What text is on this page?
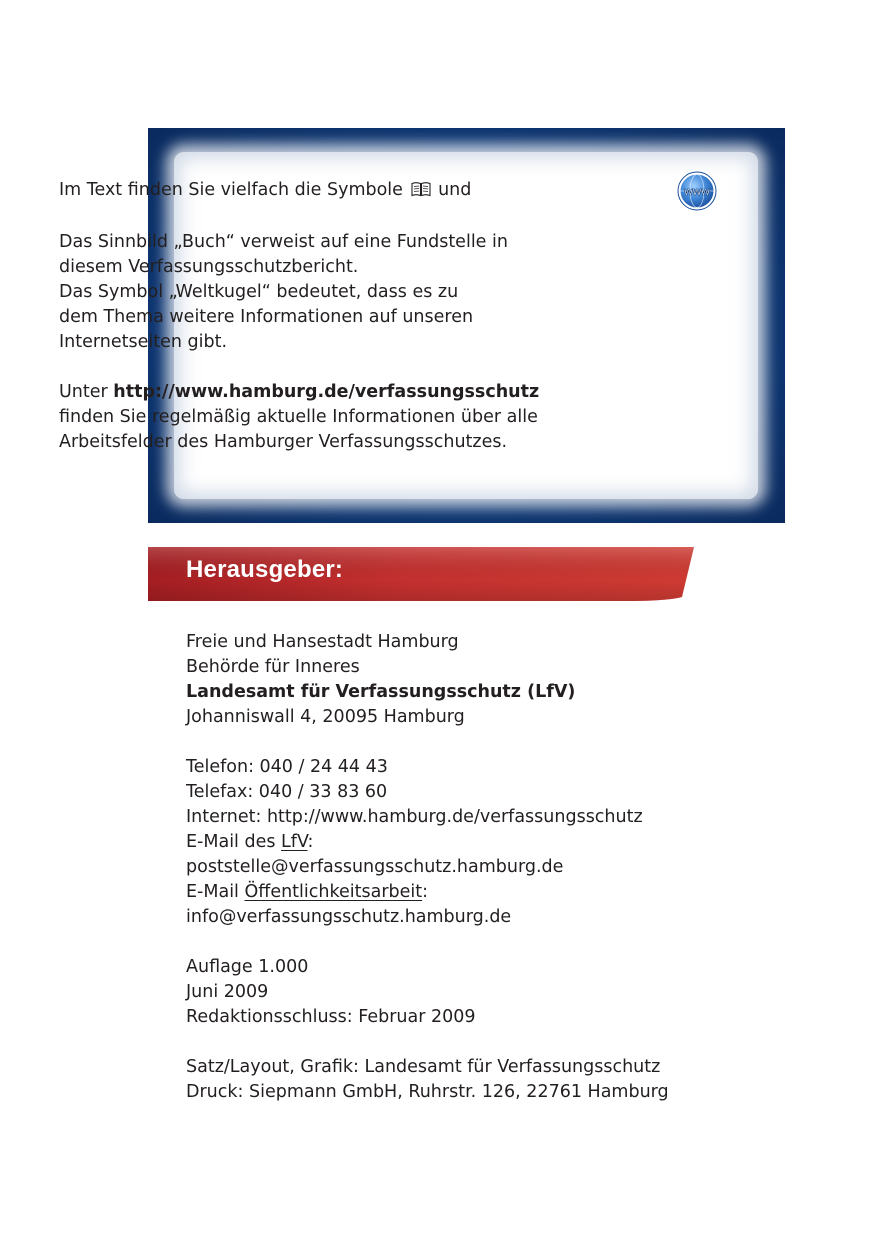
Im Text finden Sie vielfach die Symbole und

Das Sinnbild „Buch“ verweist auf eine Fundstelle in

diesem Verfassungsschutzbericht.

Das Symbol „Weltkugel“ bedeutet, dass es zu

dem Thema weitere Informationen auf unseren

Internetseiten gibt.

Unter http://www.hamburg.de/verfassungsschutz

finden Sie regelmäßig aktuelle Informationen über alle

Arbeitsfelder des Hamburger Verfassungsschutzes.

www
Herausgeber:

Freie und Hansestadt Hamburg

Behörde für Inneres

Landesamt für Verfassungsschutz (LfV)

Johanniswall 4, 20095 Hamburg

Telefon: 040 / 24 44 43

Telefax: 040 / 33 83 60

Internet: http://www.hamburg.de/verfassungsschutz

E-Mail des LfV:

poststelle@verfassungsschutz.hamburg.de

E-Mail Öffentlichkeitsarbeit:

info@verfassungsschutz.hamburg.de

Auflage 1.000

Juni 2009

Redaktionsschluss: Februar 2009

Satz/Layout, Grafik: Landesamt für Verfassungsschutz

Druck: Siepmann GmbH, Ruhrstr. 126, 22761 Hamburg
